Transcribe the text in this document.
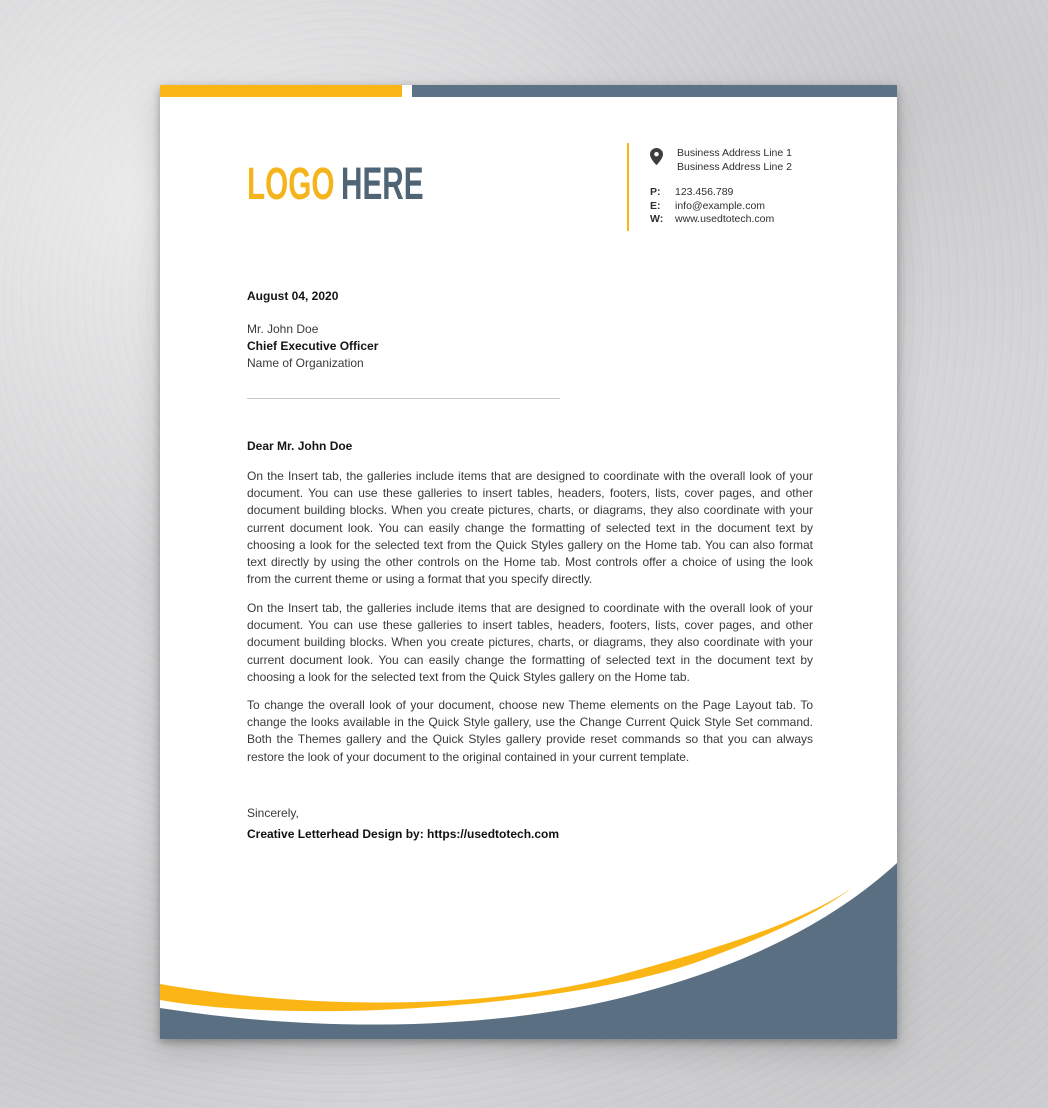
LOGO HERE
Business Address Line 1
Business Address Line 2
P:	123.456.789
E:	info@example.com
W:	www.usedtotech.com
August 04, 2020
Mr. John Doe
Chief Executive Officer
Name of Organization
Dear Mr. John Doe

On the Insert tab, the galleries include items that are designed to coordinate with the overall look of your document. You can use these galleries to insert tables, headers, footers, lists, cover pages, and other document building blocks. When you create pictures, charts, or diagrams, they also coordinate with your current document look. You can easily change the formatting of selected text in the document text by choosing a look for the selected text from the Quick Styles gallery on the Home tab. You can also format text directly by using the other controls on the Home tab. Most controls offer a choice of using the look from the current theme or using a format that you specify directly.

On the Insert tab, the galleries include items that are designed to coordinate with the overall look of your document. You can use these galleries to insert tables, headers, footers, lists, cover pages, and other document building blocks. When you create pictures, charts, or diagrams, they also coordinate with your current document look. You can easily change the formatting of selected text in the document text by choosing a look for the selected text from the Quick Styles gallery on the Home tab.

To change the overall look of your document, choose new Theme elements on the Page Layout tab. To change the looks available in the Quick Style gallery, use the Change Current Quick Style Set command. Both the Themes gallery and the Quick Styles gallery provide reset commands so that you can always restore the look of your document to the original contained in your current template.

Sincerely,
Creative Letterhead Design by: https://usedtotech.com
